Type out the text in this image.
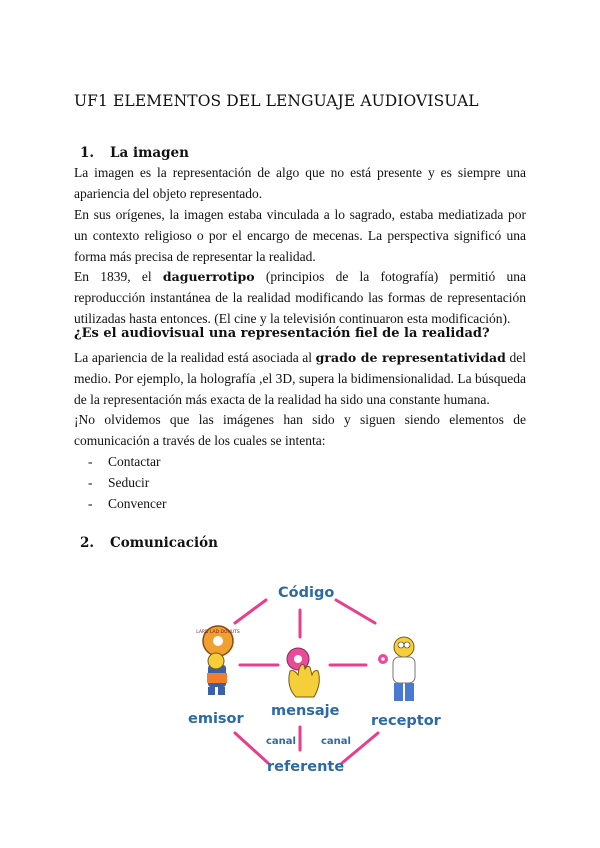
UF1 ELEMENTOS DEL LENGUAJE AUDIOVISUAL
1. La imagen
La imagen es la representación de algo que no está presente y es siempre una apariencia del objeto representado.
En sus orígenes, la imagen estaba vinculada a lo sagrado, estaba mediatizada por un contexto religioso o por el encargo de mecenas. La perspectiva significó una forma más precisa de representar la realidad.
En 1839, el daguerrotipo (principios de la fotografía) permitió una reproducción instantánea de la realidad modificando las formas de representación utilizadas hasta entonces. (El cine y la televisión continuaron esta modificación).
¿Es el audiovisual una representación fiel de la realidad?
La apariencia de la realidad está asociada al grado de representatividad del medio. Por ejemplo, la holografía ,el 3D, supera la bidimensionalidad. La búsqueda de la representación más exacta de la realidad ha sido una constante humana.
¡No olvidemos que las imágenes han sido y siguen siendo elementos de comunicación a través de los cuales se intenta:
- Contactar
- Seducir
- Convencer
2. Comunicación
LARD LAD DONUTS
Código
emisor mensaje
receptor
canal	canal
referente
